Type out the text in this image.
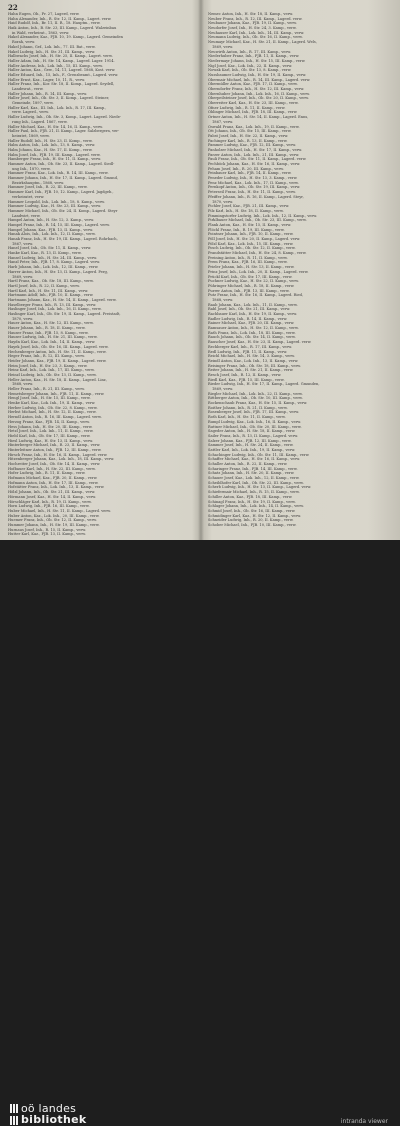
22
Hahn Eugen, Ob., Fr. 27, Lagerd, verw.
Hahn Alexander, Inh., R. Str. 12, II. Kamp., Lagert. verw.
Haid Rudolf, Inh., Br. 11, II. R., 18. Hauptm., verw.
Haik Anton, Inh., B. Str. 23, III. Kamp., Lagerd. Walzeinbau
in Wald, verheirat., 1863, verw.
Hakel Alexander, Kaz., FJB. 10, 19. Kamp., Lagerd. Gemeinden
Rorah, verw.
Hakel Johann, Gef., Lok. Inh., 77. III. Bat., verw.
Hakel Ludwig, Inh., H. Str. 31, III. Kamp., verw.
Halbwachs Josef, Inh., H. Str. 25, II. Kamp., Lagert. verw.
Haller Adam, Inh., H. Str. 14, Kamp., Lagerd. Lager. 1914.
Haller Andreas, Inh., Lok. Inh., 15, III. Kamp., verw.
Haller Anton, Kaz., Gew., 14, 11, Lagerd. 1868, Kost. verw.
Haller Eduard, Inh., 15, Inh., F., Grenzbeamt., Lagerd. verw.
Haller Ernst, Kaz., Lager, 10, 11, R., verw.
Haller Franz, Inh., Kor. Str. 18, II. Komp., Lagerd. Seydell,
Landesrat., verw.
Haller Johann, Inh., R. 14, III. Kamp., verw.
Haller Josef, Inh., Ob. Str. 3, II. Komp., Lagerd. Steiner,
Gemeinde, 1897, verw.
Haller Karl, Kaz., III. Inh., Lok. Inh., R. 17, III. Kamp.,
verw. Lagerd., verw.
Haller Ludwig, Inh., Ob. Str. 3, Komp., Lagert. Lagerd. Niede-
rung Inh., Lagerd. 1867, verw.
Haller Michael, Kaz., H. Str. 14, 16, II. Kamp., verw.
Haller Paul, Inh., FJB. 21, II. Kamp., Lager. Salzbergern, ver-
heiratet, 1869, verw.
Haller Rudolf, Inh., H. Str. 23, II. Komp., verw.
Halm Anton, Inh., Lok. Inh., 13, 8. Kamp., verw.
Halm Johann, Kaz., H. Str. 17, II. Komp., verw.
Halm Josef, Inh., FJB. 19, III. Kamp., Lagerd. verw.
Hamberger Franz, Inh., H. Str. 11, II. Kamp., verw.
Hammer Anton, Inh., Ob. Str. 23, II. Kamp., Lagerd. Siedl-
ung Inh., 1870, verw.
Hammer Franz, Kaz., Lok. Inh., R. 14, III. Kamp., verw.
Hammer Johann, Inh., H. Str. 17, II. Kamp., Lagerd. Gmund,
Bezirkshauptm., 1868, verw.
Hammer Josef, Inh., R. 22, III. Kamp., verw.
Hammer Karl, Inh., FJB. 10, 12. Kamp., Lagerd. Jagdgeb.,
verheiratet, verw.
Hammer Leopold, Inh., Lok. Inh., 18, 8. Kamp., verw.
Hammer Ludwig, Kaz., H. Str. 23, III. Kamp., verw.
Hammer Michael, Inh., Ob. Str. 24, II. Komp., Lagerd. Steyr
Landwirt, verw.
Hampel Anton, Inh., H. Str. 12, 3. Kamp., verw.
Hampel Franz, Inh., R. 14, 15, III. Kamp., Lagerd. verw.
Hampel Johann, Kaz., FJB. 13, II. Kamp., verw.
Hanak Alois, Inh., Lok. Inh., 12, II. Kamp., verw.
Hanak Franz, Inh., H. Str. 19, III. Kamp., Lagerd. Rohrbach,
1867, verw.
Hanel Josef, Inh., Ob. Str. 11, II. Kamp., verw.
Hanke Karl, Kaz., R. 13, II. Komp., verw.
Hansel Ludwig, Inh., H. Str. 24, III. Kamp., verw.
Hanzl Peter, Inh., FJB. 17, 8. Kamp., Lagerd. verw.
Harb Johann, Inh., Lok. Inh., 12, III. Kamp., verw.
Harrer Anton, Inh., H. Str. 13, II. Kamp., Lagerd. Perg,
1869, verw.
Hartl Franz, Kaz., Ob. Str. 18, III. Kamp., verw.
Hartl Josef, Inh., R. 22, II. Kamp., verw.
Hartl Karl, Inh., H. Str. 11, III. Kamp., verw.
Hartmann Adolf, Inh., FJB. 10, II. Kamp., verw.
Hartmann Johann, Kaz., H. Str. 14, II. Kamp., Lagerd. verw.
Haselberger Franz, Inh., R. 13, III. Kamp., verw.
Haslinger Josef, Inh., Lok. Inh., 16, II. Kamp., verw.
Haslinger Karl, Inh., Ob. Str. 19, II. Kamp., Lagerd. Freistadt,
1870, verw.
Hauer Anton, Kaz., H. Str. 12, III. Kamp., verw.
Hauer Johann, Inh., R. 18, II. Kamp., verw.
Hauser Franz, Inh., FJB. 15, 8. Kamp., verw.
Hauser Ludwig, Inh., H. Str. 21, III. Kamp., verw.
Haydn Karl, Kaz., Lok. Inh., 14, II. Kamp., verw.
Hayek Josef, Inh., Ob. Str. 16, III. Kamp., Lagerd. verw.
Hechenberger Anton, Inh., H. Str. 11, II. Kamp., verw.
Heger Franz, Inh., R. 12, III. Kamp., verw.
Heider Johann, Kaz., FJB. 19, II. Kamp., Lagerd. verw.
Heim Josef, Inh., H. Str. 23, 3. Kamp., verw.
Heinz Karl, Inh., Lok. Inh., 17, III. Kamp., verw.
Heinzl Ludwig, Inh., Ob. Str. 13, II. Kamp., verw.
Heller Anton, Kaz., H. Str. 18, II. Kamp., Lagerd. Linz,
1868, verw.
Heller Franz, Inh., R. 21, III. Kamp., verw.
Hemetsberger Johann, Inh., FJB. 11, II. Kamp., verw.
Hengl Josef, Inh., H. Str. 15, III. Kamp., verw.
Henke Karl, Kaz., Lok. Inh., 19, II. Kamp., verw.
Herber Ludwig, Inh., Ob. Str. 22, 8. Kamp., verw.
Herbst Michael, Inh., H. Str. 12, II. Kamp., verw.
Herndl Anton, Inh., R. 16, III. Kamp., Lagerd. verw.
Herzog Franz, Kaz., FJB. 14, II. Kamp., verw.
Hess Johann, Inh., H. Str. 20, III. Kamp., verw.
Hetzl Josef, Inh., Lok. Inh., 11, II. Kamp., verw.
Hiebl Karl, Inh., Ob. Str. 17, III. Kamp., verw.
Hiesl Ludwig, Kaz., H. Str. 13, II. Kamp., verw.
Hinterberger Michael, Inh., R. 23, II. Kamp., verw.
Hinterleitner Anton, Inh., FJB. 12, III. Kamp., verw.
Hirsch Franz, Inh., H. Str. 16, II. Kamp., Lagerd. verw.
Hitzenberger Johann, Kaz., Lok. Inh., 18, III. Kamp., verw.
Hochreiter Josef, Inh., Ob. Str. 14, II. Kamp., verw.
Hofbauer Karl, Inh., H. Str. 22, III. Kamp., verw.
Hofer Ludwig, Inh., R. 11, II. Kamp., verw.
Hofmann Michael, Kaz., FJB. 20, II. Kamp., verw.
Hofmann Anton, Inh., H. Str. 17, III. Kamp., verw.
Hofstätter Franz, Inh., Lok. Inh., 13, II. Kamp., verw.
Hölzl Johann, Inh., Ob. Str. 21, III. Kamp., verw.
Hörmann Josef, Kaz., H. Str. 14, II. Kamp., verw.
Hörschläger Karl, Inh., R. 19, II. Kamp., verw.
Horn Ludwig, Inh., FJB. 16, III. Kamp., verw.
Huber Michael, Inh., H. Str. 11, II. Kamp., Lagerd. verw.
Huber Anton, Kaz., Lok. Inh., 20, III. Kamp., verw.
Huemer Franz, Inh., Ob. Str. 12, II. Kamp., verw.
Hummer Johann, Inh., H. Str. 19, III. Kamp., verw.
Hurnaus Josef, Inh., R. 15, II. Kamp., verw.
Hutter Karl, Kaz., FJB. 13, II. Kamp., verw.
Nemec Anton, Inh., H. Str. 18, II. Kamp., verw.
Neuber Franz, Inh., R. 12, III. Kamp., Lagerd. verw.
Neubauer Johann, Kaz., FJB. 19, II. Kamp., verw.
Neudorfer Josef, Inh., H. Str. 24, 3. Kamp., verw.
Neuhauser Karl, Inh., Lok. Inh., 14, III. Kamp., verw.
Neumann Ludwig, Inh., Ob. Str. 16, II. Kamp., verw.
Neumayr Michael, Kaz., H. Str. 21, II. Kamp., Lagerd. Wels,
1869, verw.
Neuwirth Anton, Inh., R. 17, III. Kamp., verw.
Niederhuber Franz, Inh., FJB. 11, II. Kamp., verw.
Niedermayr Johann, Inh., H. Str. 15, III. Kamp., verw.
Nigl Josef, Kaz., Lok. Inh., 22, II. Kamp., verw.
Nowak Karl, Inh., Ob. Str. 13, 8. Kamp., verw.
Nussbaumer Ludwig, Inh., H. Str. 19, II. Kamp., verw.
Obermair Michael, Inh., R. 14, III. Kamp., Lagerd. verw.
Obermüller Anton, Kaz., FJB. 17, II. Kamp., verw.
Oberndorfer Franz, Inh., H. Str. 12, III. Kamp., verw.
Obernhuber Johann, Inh., Lok. Inh., 16, II. Kamp., verw.
Oberpeilsteiner Josef, Inh., Ob. Str. 20, II. Kamp., verw.
Oberreiter Karl, Kaz., H. Str. 23, III. Kamp., verw.
Ofner Ludwig, Inh., R. 11, II. Kamp., verw.
Öhlinger Michael, Inh., FJB. 18, III. Kamp., verw.
Ortner Anton, Inh., H. Str. 14, II. Kamp., Lagerd. Enns,
1867, verw.
Oswald Franz, Kaz., Lok. Inh., 19, II. Kamp., verw.
Ott Johann, Inh., Ob. Str. 15, III. Kamp., verw.
Pabst Josef, Inh., H. Str. 22, II. Kamp., verw.
Pachinger Karl, Inh., R. 13, II. Kamp., verw.
Pammer Ludwig, Kaz., FJB. 12, III. Kamp., verw.
Panholzer Michael, Inh., H. Str. 17, II. Kamp., verw.
Parzer Anton, Inh., Lok. Inh., 21, III. Kamp., verw.
Pauli Franz, Inh., Ob. Str. 11, II. Kamp., Lagerd. verw.
Pechböck Johann, Kaz., H. Str. 16, II. Kamp., verw.
Peham Josef, Inh., R. 20, III. Kamp., verw.
Peinbauer Karl, Inh., FJB. 14, II. Kamp., verw.
Peneder Ludwig, Inh., H. Str. 13, 3. Kamp., verw.
Penz Michael, Kaz., Lok. Inh., 17, II. Kamp., verw.
Pernkopf Anton, Inh., Ob. Str. 19, III. Kamp., verw.
Peterseil Franz, Inh., H. Str. 11, II. Kamp., verw.
Pfeiffer Johann, Inh., R. 16, II. Kamp., Lagerd. Steyr,
1870, verw.
Pichler Josef, Kaz., FJB. 21, III. Kamp., verw.
Pilz Karl, Inh., H. Str. 18, II. Kamp., verw.
Pimmingstorfer Ludwig, Inh., Lok. Inh., 12, II. Kamp., verw.
Pirklbauer Michael, Inh., Ob. Str. 23, III. Kamp., verw.
Plank Anton, Kaz., H. Str. 15, II. Kamp., verw.
Plöchl Franz, Inh., R. 19, III. Kamp., verw.
Pointner Johann, Inh., FJB. 10, II. Kamp., verw.
Pöll Josef, Inh., H. Str. 20, II. Kamp., Lagerd. verw.
Pölzl Karl, Kaz., Lok. Inh., 15, III. Kamp., verw.
Posch Ludwig, Inh., Ob. Str. 12, II. Kamp., verw.
Prandstätter Michael, Inh., H. Str. 24, 8. Kamp., verw.
Preining Anton, Inh., R. 11, II. Kamp., verw.
Prem Franz, Kaz., FJB. 16, III. Kamp., verw.
Prieler Johann, Inh., H. Str. 13, II. Kamp., verw.
Prinz Josef, Inh., Lok. Inh., 20, II. Kamp., Lagerd. verw.
Prückl Karl, Inh., Ob. Str. 17, III. Kamp., verw.
Puchner Ludwig, Kaz., H. Str. 22, II. Kamp., verw.
Pühringer Michael, Inh., R. 18, II. Kamp., verw.
Purrer Anton, Inh., FJB. 13, III. Kamp., verw.
Putz Franz, Inh., H. Str. 16, II. Kamp., Lagerd. Ried,
1868, verw.
Raab Johann, Kaz., Lok. Inh., 11, II. Kamp., verw.
Rabl Josef, Inh., Ob. Str. 21, III. Kamp., verw.
Rachbauer Karl, Inh., H. Str. 19, II. Kamp., verw.
Radler Ludwig, Inh., R. 14, II. Kamp., verw.
Rainer Michael, Kaz., FJB. 20, III. Kamp., verw.
Ramsauer Anton, Inh., H. Str. 12, II. Kamp., verw.
Rath Franz, Inh., Lok. Inh., 18, III. Kamp., verw.
Rauch Johann, Inh., Ob. Str. 14, II. Kamp., verw.
Rauscher Josef, Kaz., H. Str. 23, II. Kamp., Lagerd. verw.
Rechberger Karl, Inh., R. 17, III. Kamp., verw.
Redl Ludwig, Inh., FJB. 11, II. Kamp., verw.
Reichl Michael, Inh., H. Str. 14, 3. Kamp., verw.
Reindl Anton, Kaz., Lok. Inh., 13, II. Kamp., verw.
Reisinger Franz, Inh., Ob. Str. 18, III. Kamp., verw.
Reiter Johann, Inh., H. Str. 21, II. Kamp., verw.
Resch Josef, Inh., R. 12, II. Kamp., verw.
Riedl Karl, Kaz., FJB. 15, III. Kamp., verw.
Rieder Ludwig, Inh., H. Str. 17, II. Kamp., Lagerd. Gmunden,
1869, verw.
Riegler Michael, Inh., Lok. Inh., 22, II. Kamp., verw.
Rittberger Anton, Inh., Ob. Str. 10, III. Kamp., verw.
Rockenschaub Franz, Kaz., H. Str. 15, II. Kamp., verw.
Roither Johann, Inh., R. 21, II. Kamp., verw.
Rosenberger Josef, Inh., FJB. 17, III. Kamp., verw.
Roth Karl, Inh., H. Str. 11, II. Kamp., verw.
Rumpl Ludwig, Kaz., Lok. Inh., 16, II. Kamp., verw.
Ruttner Michael, Inh., Ob. Str. 20, III. Kamp., verw.
Sageder Anton, Inh., H. Str. 18, II. Kamp., verw.
Sailer Franz, Inh., R. 13, II. Kamp., Lagerd. verw.
Salzer Johann, Kaz., FJB. 12, III. Kamp., verw.
Sammer Josef, Inh., H. Str. 24, II. Kamp., verw.
Sattler Karl, Inh., Lok. Inh., 19, II. Kamp., verw.
Schachinger Ludwig, Inh., Ob. Str. 11, III. Kamp., verw.
Schaffer Michael, Kaz., H. Str. 16, II. Kamp., verw.
Schaller Anton, Inh., R. 22, II. Kamp., verw.
Scharinger Franz, Inh., FJB. 14, III. Kamp., verw.
Schatz Johann, Inh., H. Str. 20, II. Kamp., verw.
Schauer Josef, Kaz., Lok. Inh., 12, II. Kamp., verw.
Scheiblhofer Karl, Inh., Ob. Str. 22, III. Kamp., verw.
Scherb Ludwig, Inh., H. Str. 13, II. Kamp., Lagerd. verw.
Schiefermair Michael, Inh., R. 15, II. Kamp., verw.
Schiller Anton, Kaz., FJB. 18, III. Kamp., verw.
Schinagl Franz, Inh., H. Str. 19, II. Kamp., verw.
Schlager Johann, Inh., Lok. Inh., 14, II. Kamp., verw.
Schmid Josef, Inh., Ob. Str. 16, III. Kamp., verw.
Schmidinger Karl, Kaz., H. Str. 12, II. Kamp., verw.
Schneider Ludwig, Inh., R. 20, II. Kamp., verw.
Schober Michael, Inh., FJB. 10, III. Kamp., verw.
oö landes
bibliothek	intranda viewer
